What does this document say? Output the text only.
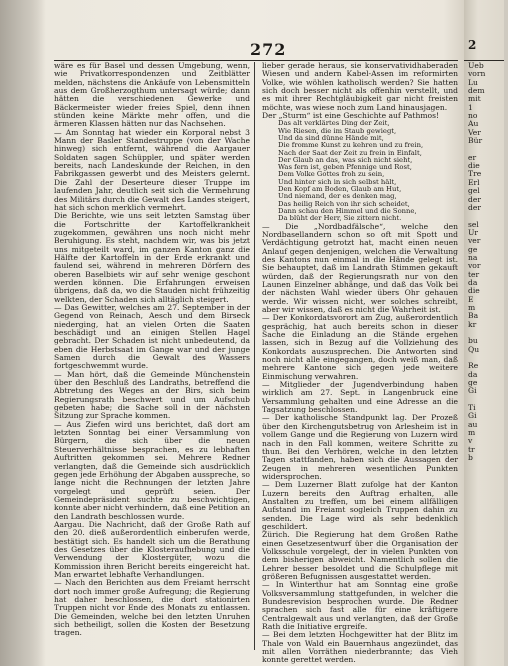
272

wäre es für Basel und dessen Umgebung, wenn, wie Privatkorrespondenzen und Zeitblätter melden, nächstens die Ankäufe von Lebensmitteln aus dem Großherzogthum untersagt würde; dann hätten die verschiedenen Gewerke und Bäckermeister wieder freies Spiel, denn ihnen stünden keine Märkte mehr offen, und die ärmeren Klassen hätten nur das Nachsehen.

— Am Sonntag hat wieder ein Korporal nebst 3 Mann der Basler Standestruppe (von der Wache hinweg) sich entfernt, während die Aargauer Soldaten sagen Schüppler, und später werden bereits, nach Landeskunde der Reichen, in den Fabrikgassen gewerbt und des Meisters gelernt. Die Zahl der Deserteure dieser Truppe im laufenden Jahr, deutlich seit sich die Vermehrung des Militärs durch die Gewalt des Landes steigert, hat sich schon merklich vermehrt.

Die Berichte, wie uns seit letzten Samstag über die Fortschritte der Kartoffelkrankheit zugekommen, gewähren uns noch nicht mehr Beruhigung. Es steht, nachdem wir, was bis jetzt uns mitgeteilt ward, im ganzen Kanton ganz die Hälfte der Kartoffeln in der Erde erkrankt und faulend sei, während in mehreren Dörfern des oberen Baselbiets wir auf sehr wenige geschont werden können. Die Erfahrungen erweisen übrigens, daß da, wo die Stauden nicht frühzeitig welkten, der Schaden sich alltäglich steigert.

— Das Gewitter, welches am 27. September in der Gegend von Reinach, Aesch und dem Birseck niederging, hat an vielen Orten die Saaten beschädigt und an einigen Stellen Hagel gebracht. Der Schaden ist nicht unbedeutend, da eben die Herbstsaat im Gange war und der junge Samen durch die Gewalt des Wassers fortgeschwemmt wurde.

— Man hört, daß die Gemeinde Münchenstein über den Beschluß des Landraths, betreffend die Abtretung des Weges an der Birs, sich beim Regierungsrath beschwert und um Aufschub gebeten habe; die Sache soll in der nächsten Sitzung zur Sprache kommen.

— Aus Ziefen wird uns berichtet, daß dort am letzten Sonntag bei einer Versammlung von Bürgern, die sich über die neuen Steuerverhältnisse besprachen, es zu lebhaften Auftritten gekommen sei. Mehrere Redner verlangten, daß die Gemeinde sich ausdrücklich gegen jede Erhöhung der Abgaben ausspreche, so lange nicht die Rechnungen der letzten Jahre vorgelegt und geprüft seien. Der Gemeindepräsident suchte zu beschwichtigen, konnte aber nicht verhindern, daß eine Petition an den Landrath beschlossen wurde.

Aargau. Die Nachricht, daß der Große Rath auf den 20. dieß außerordentlich einberufen werde, bestätigt sich. Es handelt sich um die Berathung des Gesetzes über die Klosteraufhebung und die Verwendung der Klostergüter, wozu die Kommission ihren Bericht bereits eingereicht hat. Man erwartet lebhafte Verhandlungen.

— Nach den Berichten aus dem Freiamt herrscht dort noch immer große Aufregung; die Regierung hat daher beschlossen, die dort stationirten Truppen nicht vor Ende des Monats zu entlassen. Die Gemeinden, welche bei den letzten Unruhen sich betheiligt, sollen die Kosten der Besetzung tragen.

lieber gerade heraus, sie konservatividhaberaden Wiesen und andern Kabel-Assen im reformirten Volke, wie wöhlen katholisch werden? Sie hatten sich doch besser nicht als offenhin verstellt, und es mit ihrer Rechtgläubigkeit gar nicht freisten möchte, was wiese noch zum Land hinausjagen.

Der „Sturm“ ist eine Geschichte auf Pathmos!

Das alt verklärtes Ding der Zeit,
Wie Riesen, die im Staub gewiegt,
Und da sind dünne Hände mit,
Die fromme Kunst zu kehren und zu frein,
Nach der Saat der Zeit zu frein in Einfalt,
Der Glaub an das, was sich nicht sieht,
Was fern ist, geben Pfennige und Rost,
Dem Volke Gottes froh zu sein,
Und hinter sich in sich selbst hält,
Den Kopf am Boden, Glaub am Hut,
Und niemand, der es denken mag,
Das heilig Reich von ihr sich scheidet,
Dann schau den Himmel und die Sonne,
Da blüht der Herr, Sie zittern nicht.

— Die „Nordbadfälsche“, welche den Nordbasellandern schon so oft mit Spott und Verdächtigung getrotzt hat, macht einen neuen Anlauf gegen denjenigen, welchen die Verwaltung des Kantons nun einmal in die Hände gelegt ist. Sie behauptet, daß im Landrath Stimmen gekauft würden, daß der Regierungsrath nur von den Launen Einzelner abhänge, und daß das Volk bei der nächsten Wahl wieder übers Ohr gehauen werde. Wir wissen nicht, wer solches schreibt, aber wir wissen, daß es nicht die Wahrheit ist.

— Der Konkordatsvorort am Zug, außerordentlich gesprächig, hat auch bereits schon in dieser Sache die Einladung an die Stände ergehen lassen, sich in Bezug auf die Vollziehung des Konkordats auszusprechen. Die Antworten sind noch nicht alle eingegangen, doch weiß man, daß mehrere Kantone sich gegen jede weitere Einmischung verwahren.

— Mitglieder der Jugendverbindung haben wirklich am 27. Sept. in Langenbruck eine Versammlung gehalten und eine Adresse an die Tagsatzung beschlossen.

— Der katholische Standpunkt lag. Der Prozeß über den Kirchengutsbetrug von Arlesheim ist in vollem Gange und die Regierung von Luzern wird nach in den Fall kommen, weitere Schritte zu thun. Bei den Verhören, welche in den letzten Tagen stattfanden, haben sich die Aussagen der Zeugen in mehreren wesentlichen Punkten widersprochen.

— Dem Luzerner Blatt zufolge hat der Kanton Luzern bereits den Auftrag erhalten, alle Anstalten zu treffen, um bei einem allfälligen Aufstand im Freiamt sogleich Truppen dahin zu senden. Die Lage wird als sehr bedenklich geschildert.

Zürich. Die Regierung hat dem Großen Rathe einen Gesetzesentwurf über die Organisation der Volksschule vorgelegt, der in vielen Punkten von dem bisherigen abweicht. Namentlich sollen die Lehrer besser besoldet und die Schulpflege mit größeren Befugnissen ausgestattet werden.

— In Winterthur hat am Sonntag eine große Volksversammlung stattgefunden, in welcher die Bundesrevision besprochen wurde. Die Redner sprachen sich fast alle für eine kräftigere Centralgewalt aus und verlangten, daß der Große Rath die Initiative ergreife.

— Bei dem letzten Hochgewitter hat der Blitz im Thale von Wald ein Bauernhaus angezündet, das mit allen Vorräthen niederbrannte; das Vieh konnte gerettet werden.

2
Ueb
vorn
Lu
dem
mit
1
no
Au
Ver
Bür

er
die
Tre
Erl
gel
der
der

sel
Ur
ver
ge
na
vor
ter
da
die
E
m
Ba
kr

bu
Qu

Re
da
ge
Gi

Ti
Gi
au
m
v
tr
b
